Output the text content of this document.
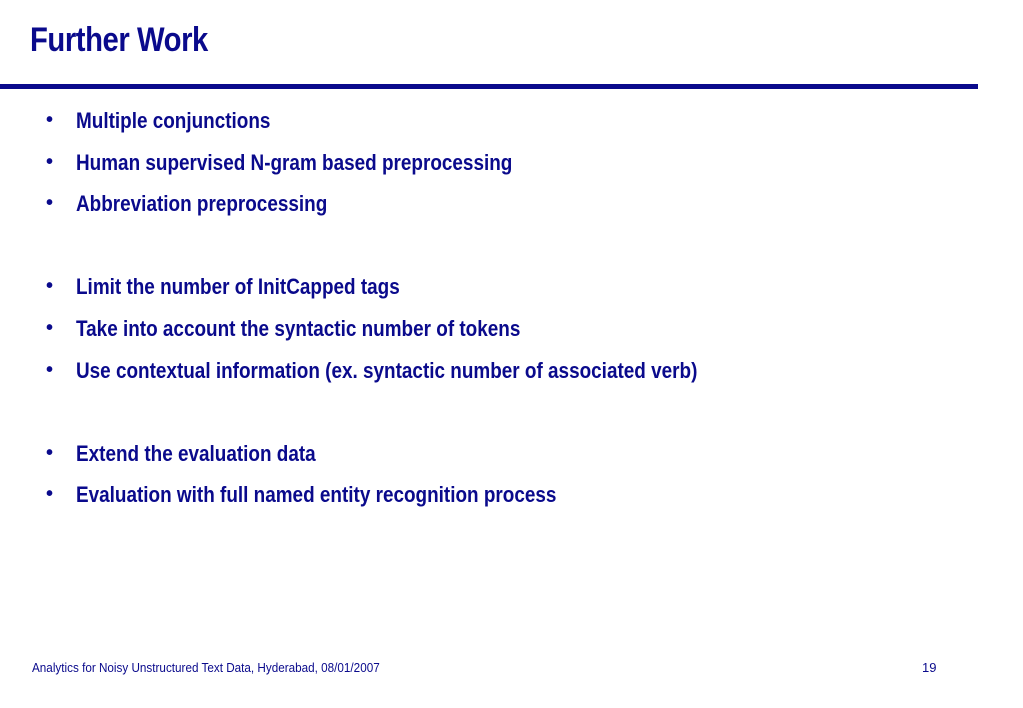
Further Work
•	Multiple conjunctions
•	Human supervised N-gram based preprocessing
•	Abbreviation preprocessing
•	Limit the number of InitCapped tags
•	Take into account the syntactic number of tokens
•	Use contextual information (ex. syntactic number of associated verb)
•	Extend the evaluation data
•	Evaluation with full named entity recognition process
Analytics for Noisy Unstructured Text Data, Hyderabad, 08/01/2007	19
